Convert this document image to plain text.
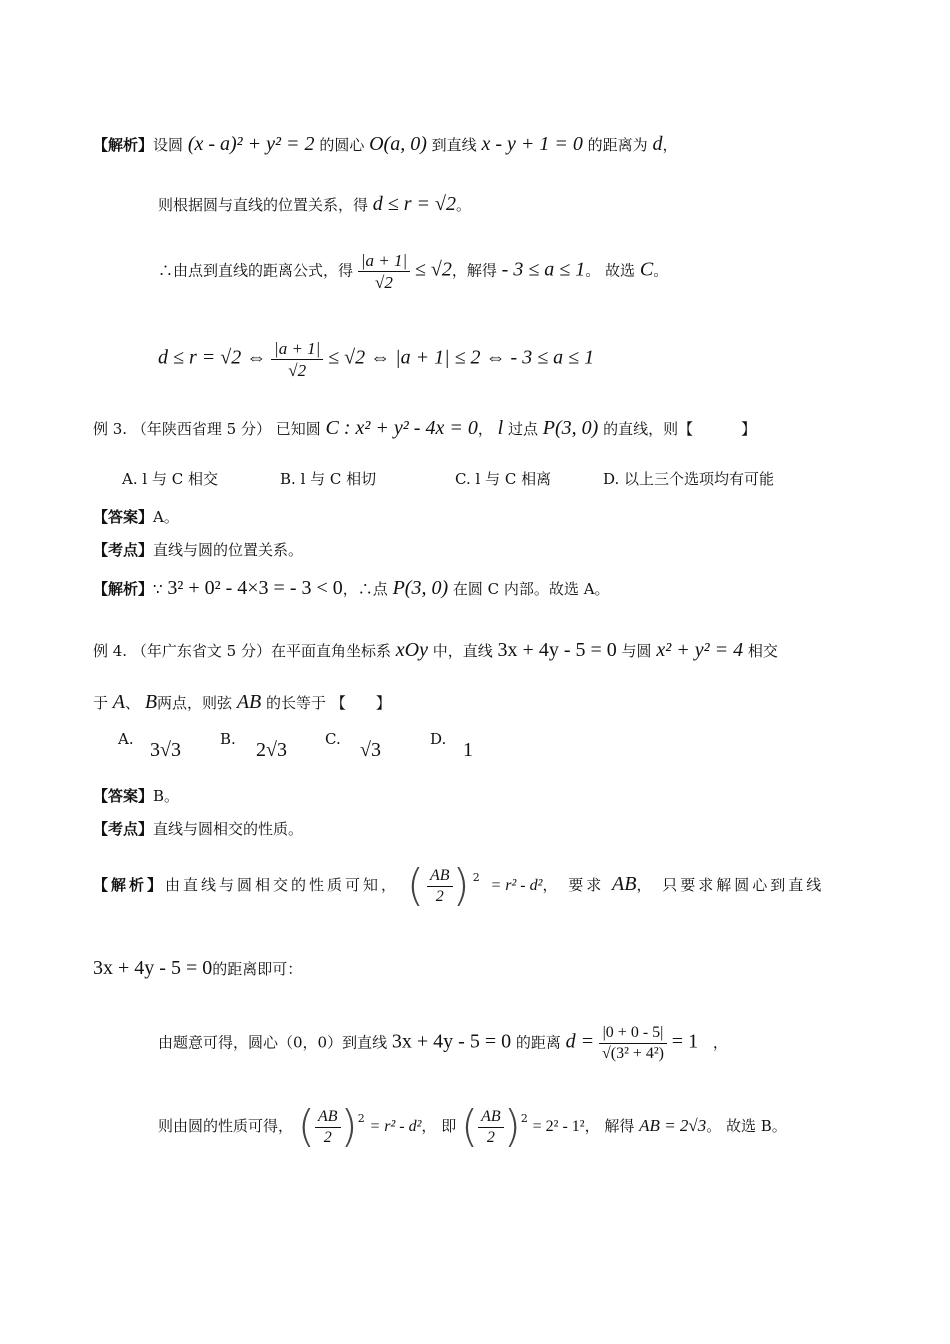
【解析】设圆 (x - a)² + y² = 2 的圆心 O(a, 0) 到直线 x - y + 1 = 0 的距离为 d，
则根据圆与直线的位置关系，得 d ≤ r = √2。
∴由点到直线的距离公式，得 $\frac{|a + 1|}{√2} \le √2$，解得 - 3 ≤ a ≤ 1。 故选 C。
d ≤ r = √2 ⇔ $\frac{|a + 1|}{√2} \le √2$ ⇔ |a + 1| ≤ 2 ⇔ - 3 ≤ a ≤ 1
例 3. （年陕西省理 5 分） 已知圆 C : x² + y² - 4x = 0， l 过点 P(3, 0) 的直线，则【	】
A. l 与 C 相交	B. l 与 C 相切	C. l 与 C 相离	D. 以上三个选项均有可能
【答案】A。
【考点】直线与圆的位置关系。
【解析】∵ 3² + 0² - 4×3 = - 3 < 0，∴点 P(3, 0) 在圆 C 内部。故选 A。
例 4. （年广东省文 5 分）在平面直角坐标系 xOy 中，直线 3x + 4y - 5 = 0 与圆 x² + y² = 4 相交
于 A、 B两点，则弦 AB 的长等于 【 】
A. 3√3	B. 2√3	C. √3	D. 1
【答案】B。
【考点】直线与圆相交的性质。
【解析】由直线与圆相交的性质可知， ( $\frac{AB}{2} )^2 = r^2 - d^2$， 要求 AB， 只要求解圆心到直线
3x + 4y - 5 = 0的距离即可：
由题意可得，圆心（0，0）到直线 3x + 4y - 5 = 0 的距离 $d = \frac{|0 + 0 - 5|}{\text{√(3² + 4²)}} = 1$ ，
则由圆的性质可得， ( $\frac{AB}{2} )^2 = r^2 - d^2$， 即 ( $\frac{AB}{2} )^2 = 2^2 - 1^2$， 解得 AB = 2√3。 故选 B。
